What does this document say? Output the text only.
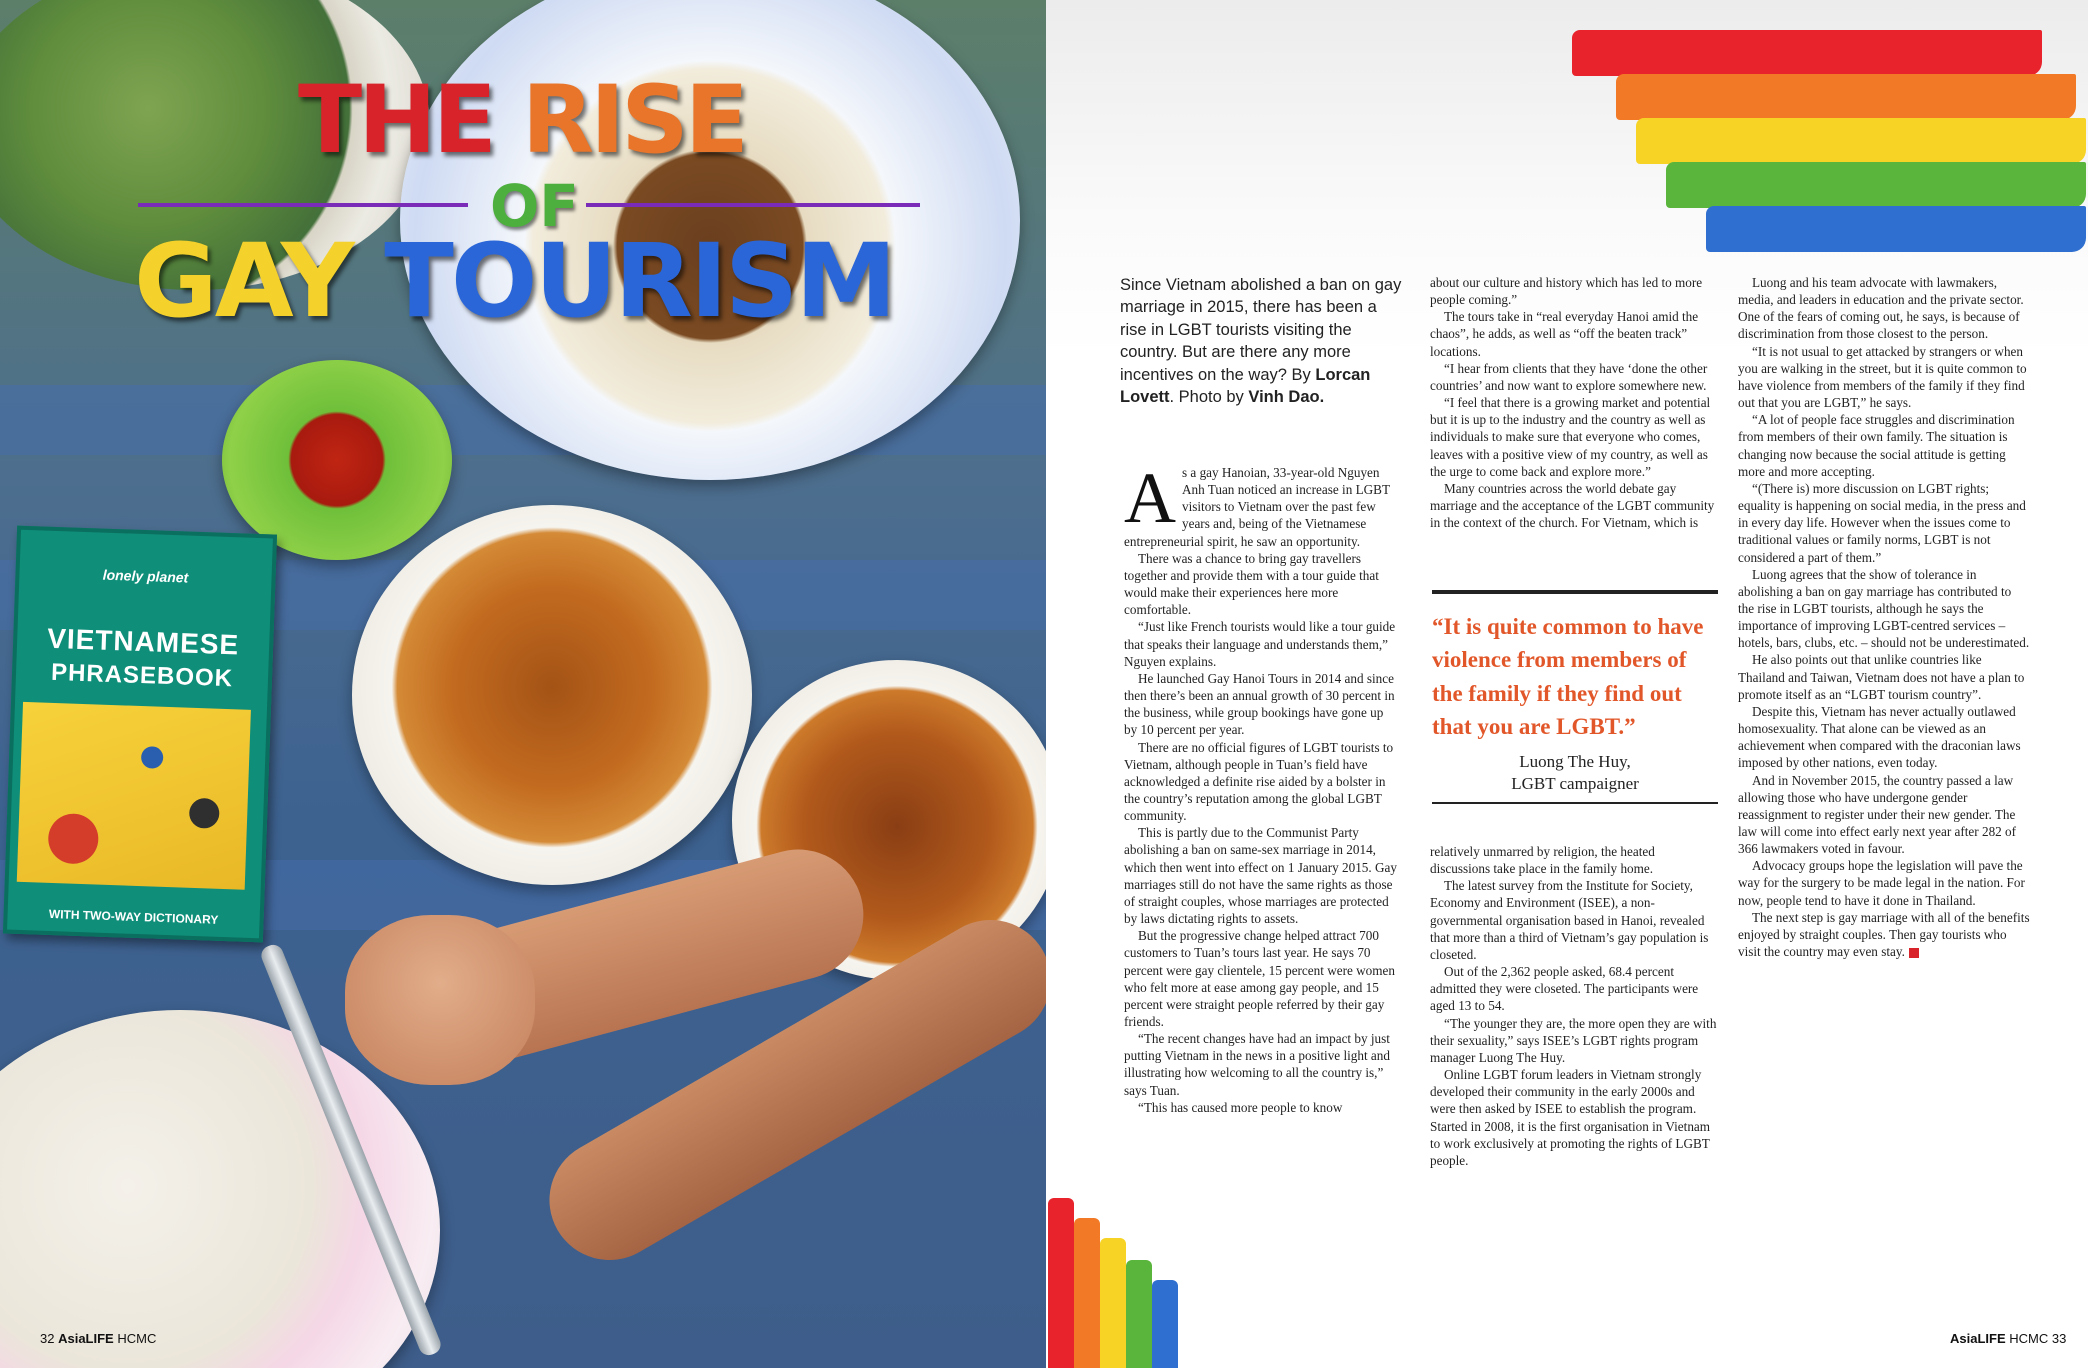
lonely planet
VIETNAMESE
PHRASEBOOK
WITH TWO-WAY DICTIONARY
THE RISE
OF
GAY TOURISM
32 AsiaLIFE HCMC
Since Vietnam abolished a ban on gay marriage in 2015, there has been a rise in LGBT tourists visiting the country. But are there any more incentives on the way? By Lorcan Lovett. Photo by Vinh Dao.
A s a gay Hanoian, 33-year-old Nguyen Anh Tuan noticed an increase in LGBT visitors to Vietnam over the past few years and, being of the Vietnamese entrepreneurial spirit, he saw an opportunity.

There was a chance to bring gay travellers together and provide them with a tour guide that would make their experiences here more comfortable.

“Just like French tourists would like a tour guide that speaks their language and understands them,” Nguyen explains.

He launched Gay Hanoi Tours in 2014 and since then there’s been an annual growth of 30 percent in the business, while group bookings have gone up by 10 percent per year.

There are no official figures of LGBT tourists to Vietnam, although people in Tuan’s field have acknowledged a definite rise aided by a bolster in the country’s reputation among the global LGBT community.

This is partly due to the Communist Party abolishing a ban on same-sex marriage in 2014, which then went into effect on 1 January 2015. Gay marriages still do not have the same rights as those of straight couples, whose marriages are protected by laws dictating rights to assets.

But the progressive change helped attract 700 customers to Tuan’s tours last year. He says 70 percent were gay clientele, 15 percent were women who felt more at ease among gay people, and 15 percent were straight people referred by their gay friends.

“The recent changes have had an impact by just putting Vietnam in the news in a positive light and illustrating how welcoming to all the country is,” says Tuan.

“This has caused more people to know

about our culture and history which has led to more people coming.”

The tours take in “real everyday Hanoi amid the chaos”, he adds, as well as “off the beaten track” locations.

“I hear from clients that they have ‘done the other countries’ and now want to explore somewhere new.

“I feel that there is a growing market and potential but it is up to the industry and the country as well as individuals to make sure that everyone who comes, leaves with a positive view of my country, as well as the urge to come back and explore more.”

Many countries across the world debate gay marriage and the acceptance of the LGBT community in the context of the church. For Vietnam, which is

“It is quite common to have violence from members of the family if they find out that you are LGBT.”
Luong The Huy,
LGBT campaigner

relatively unmarred by religion, the heated discussions take place in the family home.

The latest survey from the Institute for Society, Economy and Environment (ISEE), a non-governmental organisation based in Hanoi, revealed that more than a third of Vietnam’s gay population is closeted.

Out of the 2,362 people asked, 68.4 percent admitted they were closeted. The participants were aged 13 to 54.

“The younger they are, the more open they are with their sexuality,” says ISEE’s LGBT rights program manager Luong The Huy.

Online LGBT forum leaders in Vietnam strongly developed their community in the early 2000s and were then asked by ISEE to establish the program. Started in 2008, it is the first organisation in Vietnam to work exclusively at promoting the rights of LGBT people.

Luong and his team advocate with lawmakers, media, and leaders in education and the private sector. One of the fears of coming out, he says, is because of discrimination from those closest to the person.

“It is not usual to get attacked by strangers or when you are walking in the street, but it is quite common to have violence from members of the family if they find out that you are LGBT,” he says.

“A lot of people face struggles and discrimination from members of their own family. The situation is changing now because the social attitude is getting more and more accepting.

“(There is) more discussion on LGBT rights; equality is happening on social media, in the press and in every day life. However when the issues come to traditional values or family norms, LGBT is not considered a part of them.”

Luong agrees that the show of tolerance in abolishing a ban on gay marriage has contributed to the rise in LGBT tourists, although he says the importance of improving LGBT-centred services – hotels, bars, clubs, etc. – should not be underestimated.

He also points out that unlike countries like Thailand and Taiwan, Vietnam does not have a plan to promote itself as an “LGBT tourism country”.

Despite this, Vietnam has never actually outlawed homosexuality. That alone can be viewed as an achievement when compared with the draconian laws imposed by other nations, even today.

And in November 2015, the country passed a law allowing those who have undergone gender reassignment to register under their new gender. The law will come into effect early next year after 282 of 366 lawmakers voted in favour.

Advocacy groups hope the legislation will pave the way for the surgery to be made legal in the nation. For now, people tend to have it done in Thailand.

The next step is gay marriage with all of the benefits enjoyed by straight couples. Then gay tourists who visit the country may even stay.

AsiaLIFE HCMC 33
